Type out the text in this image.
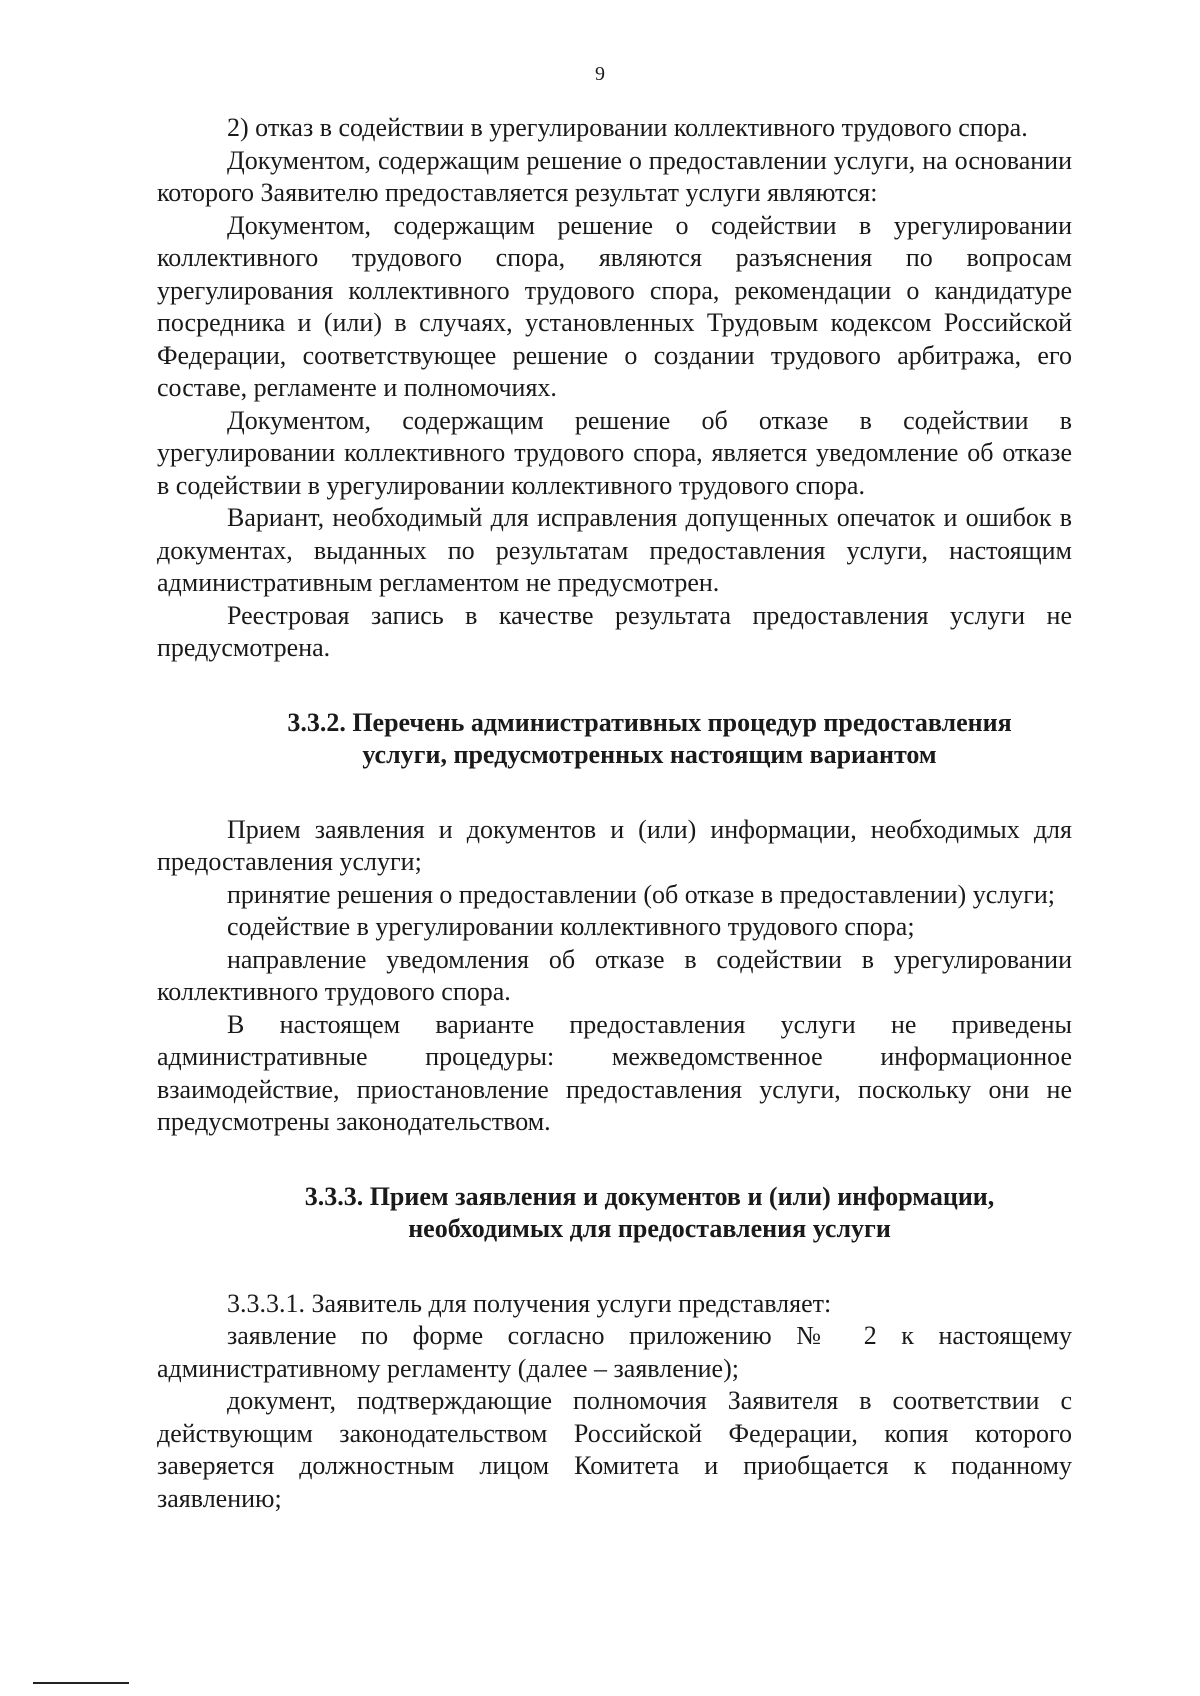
9

2) отказ в содействии в урегулировании коллективного трудового спора.

Документом, содержащим решение о предоставлении услуги, на основании которого Заявителю предоставляется результат услуги являются:

Документом, содержащим решение о содействии в урегулировании коллективного трудового спора, являются разъяснения по вопросам урегулирования коллективного трудового спора, рекомендации о кандидатуре посредника и (или) в случаях, установленных Трудовым кодексом Российской Федерации, соответствующее решение о создании трудового арбитража, его составе, регламенте и полномочиях.

Документом, содержащим решение об отказе в содействии в урегулировании коллективного трудового спора, является уведомление об отказе в содействии в урегулировании коллективного трудового спора.

Вариант, необходимый для исправления допущенных опечаток и ошибок в документах, выданных по результатам предоставления услуги, настоящим административным регламентом не предусмотрен.

Реестровая запись в качестве результата предоставления услуги не предусмотрена.

3.3.2. Перечень административных процедур предоставления
услуги, предусмотренных настоящим вариантом

Прием заявления и документов и (или) информации, необходимых для предоставления услуги;

принятие решения о предоставлении (об отказе в предоставлении) услуги;

содействие в урегулировании коллективного трудового спора;

направление уведомления об отказе в содействии в урегулировании коллективного трудового спора.

В настоящем варианте предоставления услуги не приведены административные процедуры: межведомственное информационное взаимодействие, приостановление предоставления услуги, поскольку они не предусмотрены законодательством.

3.3.3. Прием заявления и документов и (или) информации,
необходимых для предоставления услуги

3.3.3.1. Заявитель для получения услуги представляет:

заявление по форме согласно приложению № 2 к настоящему административному регламенту (далее – заявление);

документ, подтверждающие полномочия Заявителя в соответствии с действующим законодательством Российской Федерации, копия которого заверяется должностным лицом Комитета и приобщается к поданному заявлению;
